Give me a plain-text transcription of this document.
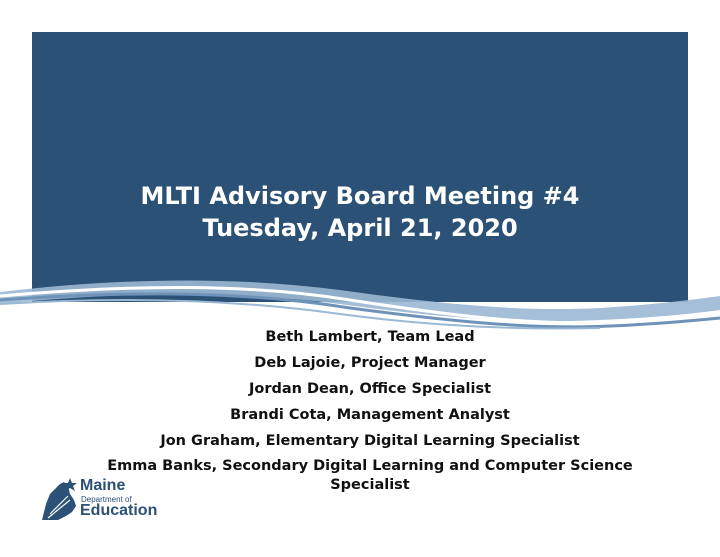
MLTI Advisory Board Meeting #4
Tuesday, April 21, 2020
Beth Lambert, Team Lead
Deb Lajoie, Project Manager
Jordan Dean, Office Specialist
Brandi Cota, Management Analyst
Jon Graham, Elementary Digital Learning Specialist
Emma Banks, Secondary Digital Learning and Computer Science Specialist
Maine
Department of
Education
